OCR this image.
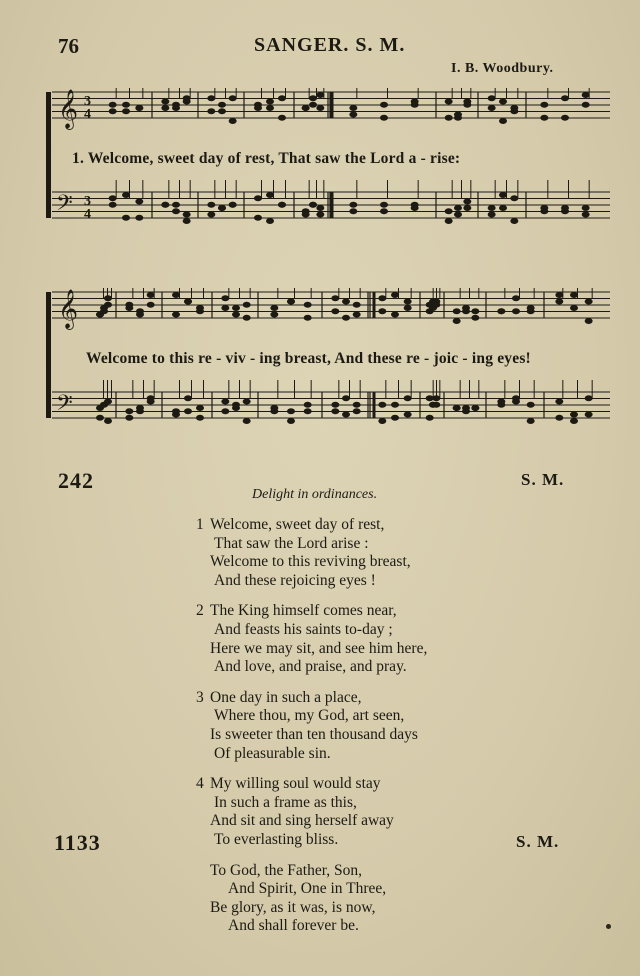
76	SANGER. S. M.
I. B. Woodbury.
𝄞
𝄢
3
4
3
4
1. Welcome, sweet day of rest, That saw the Lord a - rise:
𝄞
𝄢
Welcome to this re - viv - ing breast, And these re - joic - ing eyes!
242	S. M.
Delight in ordinances.
1 Welcome, sweet day of rest,
That saw the Lord arise :
Welcome to this reviving breast,
And these rejoicing eyes !
2 The King himself comes near,
And feasts his saints to-day ;
Here we may sit, and see him here,
And love, and praise, and pray.
3 One day in such a place,
Where thou, my God, art seen,
Is sweeter than ten thousand days
Of pleasurable sin.
4 My willing soul would stay
In such a frame as this,
And sit and sing herself away
To everlasting bliss.
1133	S. M.
To God, the Father, Son,
And Spirit, One in Three,
Be glory, as it was, is now,
And shall forever be.
